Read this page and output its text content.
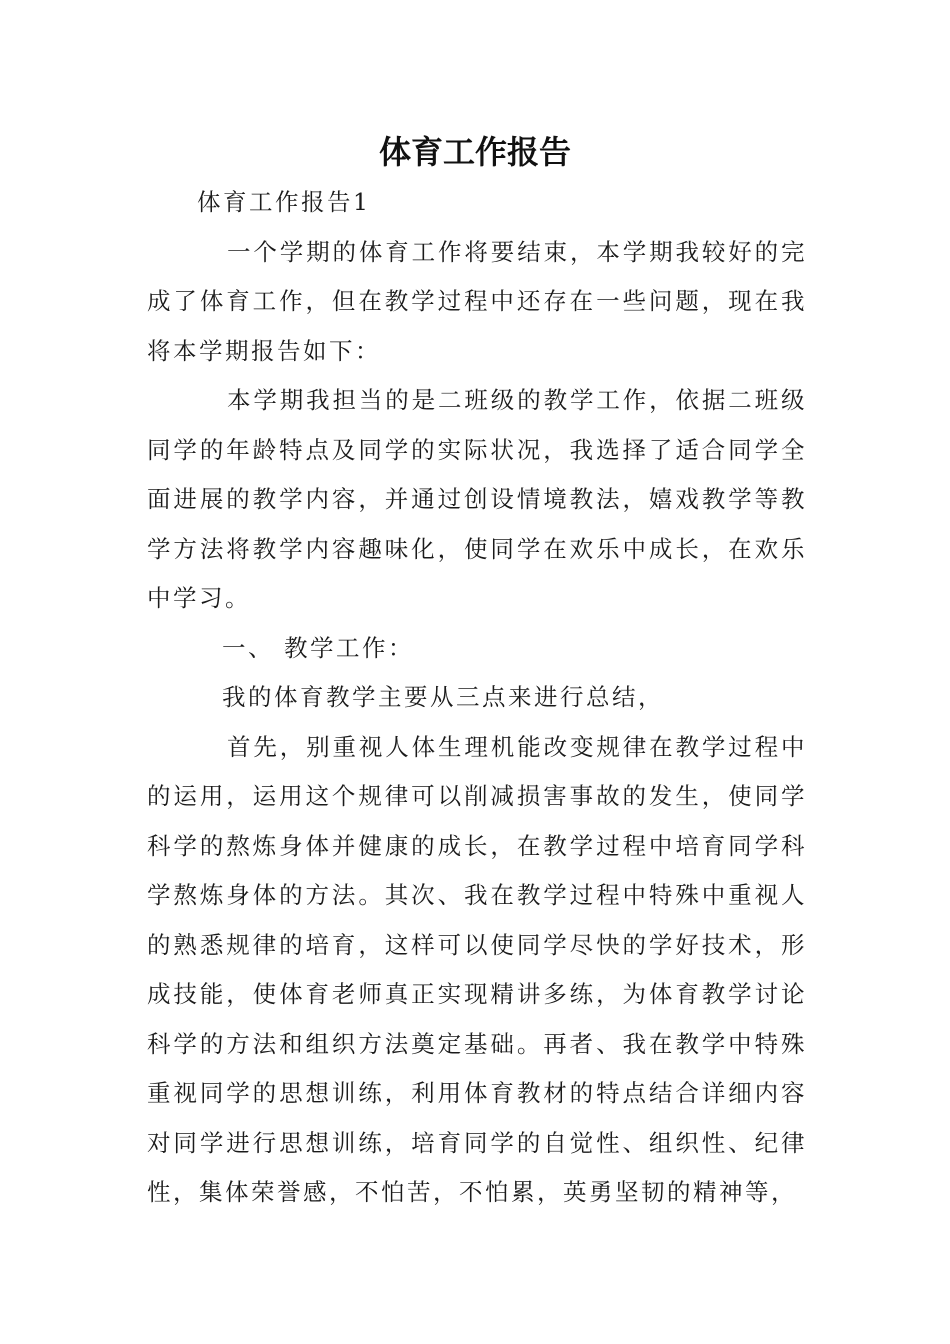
体育工作报告

体育工作报告1

一个学期的体育工作将要结束，本学期我较好的完成了体育工作，但在教学过程中还存在一些问题，现在我将本学期报告如下：

本学期我担当的是二班级的教学工作，依据二班级同学的年龄特点及同学的实际状况，我选择了适合同学全面进展的教学内容，并通过创设情境教法，嬉戏教学等教学方法将教学内容趣味化，使同学在欢乐中成长，在欢乐中学习。

一、 教学工作：

我的体育教学主要从三点来进行总结，

首先，别重视人体生理机能改变规律在教学过程中的运用，运用这个规律可以削减损害事故的发生，使同学科学的熬炼身体并健康的成长，在教学过程中培育同学科学熬炼身体的方法。其次、我在教学过程中特殊中重视人的熟悉规律的培育，这样可以使同学尽快的学好技术，形成技能，使体育老师真正实现精讲多练，为体育教学讨论科学的方法和组织方法奠定基础。再者、我在教学中特殊重视同学的思想训练，利用体育教材的特点结合详细内容对同学进行思想训练，培育同学的自觉性、组织性、纪律性，集体荣誉感，不怕苦，不怕累，英勇坚韧的精神等，
